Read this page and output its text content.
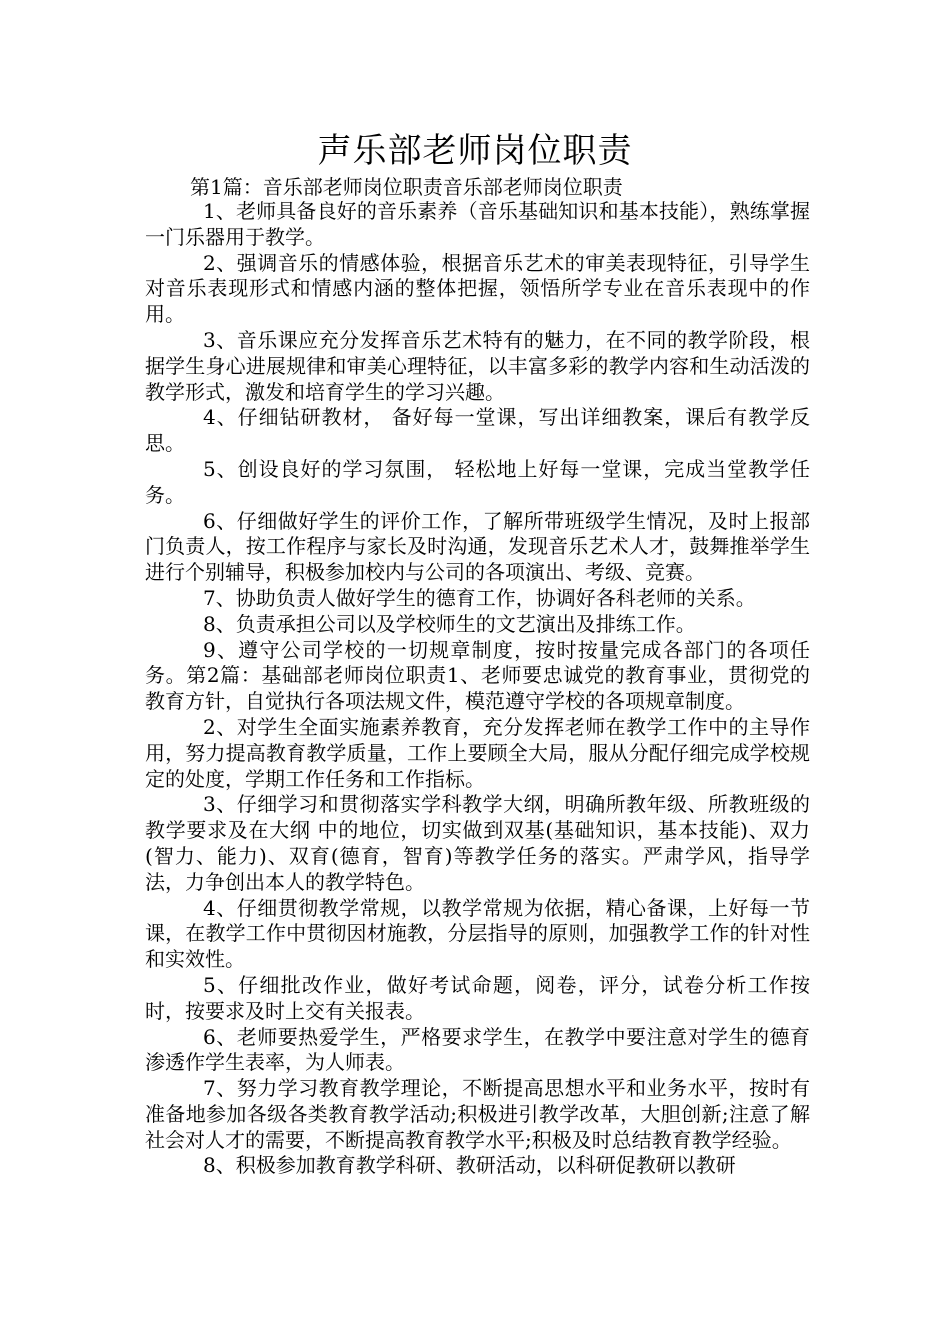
声乐部老师岗位职责
第1篇：音乐部老师岗位职责音乐部老师岗位职责

1、老师具备良好的音乐素养（音乐基础知识和基本技能），熟练掌握一门乐器用于教学。

2、强调音乐的情感体验，根据音乐艺术的审美表现特征，引导学生对音乐表现形式和情感内涵的整体把握，领悟所学专业在音乐表现中的作用。

3、音乐课应充分发挥音乐艺术特有的魅力，在不同的教学阶段，根据学生身心进展规律和审美心理特征，以丰富多彩的教学内容和生动活泼的教学形式，激发和培育学生的学习兴趣。

4、仔细钻研教材， 备好每一堂课，写出详细教案，课后有教学反思。

5、创设良好的学习氛围， 轻松地上好每一堂课，完成当堂教学任务。

6、仔细做好学生的评价工作，了解所带班级学生情况，及时上报部门负责人，按工作程序与家长及时沟通，发现音乐艺术人才，鼓舞推举学生进行个别辅导，积极参加校内与公司的各项演出、考级、竞赛。

7、协助负责人做好学生的德育工作，协调好各科老师的关系。

8、负责承担公司以及学校师生的文艺演出及排练工作。

9、遵守公司学校的一切规章制度，按时按量完成各部门的各项任务。第2篇：基础部老师岗位职责1、老师要忠诚党的教育事业，贯彻党的教育方针，自觉执行各项法规文件，模范遵守学校的各项规章制度。

2、对学生全面实施素养教育，充分发挥老师在教学工作中的主导作用，努力提高教育教学质量，工作上要顾全大局，服从分配仔细完成学校规定的处度，学期工作任务和工作指标。

3、仔细学习和贯彻落实学科教学大纲，明确所教年级、所教班级的教学要求及在大纲 中的地位，切实做到双基(基础知识，基本技能)、双力(智力、能力)、双育(德育，智育)等教学任务的落实。严肃学风，指导学法，力争创出本人的教学特色。

4、仔细贯彻教学常规，以教学常规为依据，精心备课，上好每一节课，在教学工作中贯彻因材施教，分层指导的原则，加强教学工作的针对性和实效性。

5、仔细批改作业，做好考试命题，阅卷，评分，试卷分析工作按时，按要求及时上交有关报表。

6、老师要热爱学生，严格要求学生，在教学中要注意对学生的德育渗透作学生表率，为人师表。

7、努力学习教育教学理论，不断提高思想水平和业务水平，按时有准备地参加各级各类教育教学活动;积极进引教学改革，大胆创新;注意了解社会对人才的需要，不断提高教育教学水平;积极及时总结教育教学经验。

8、积极参加教育教学科研、教研活动，以科研促教研以教研
